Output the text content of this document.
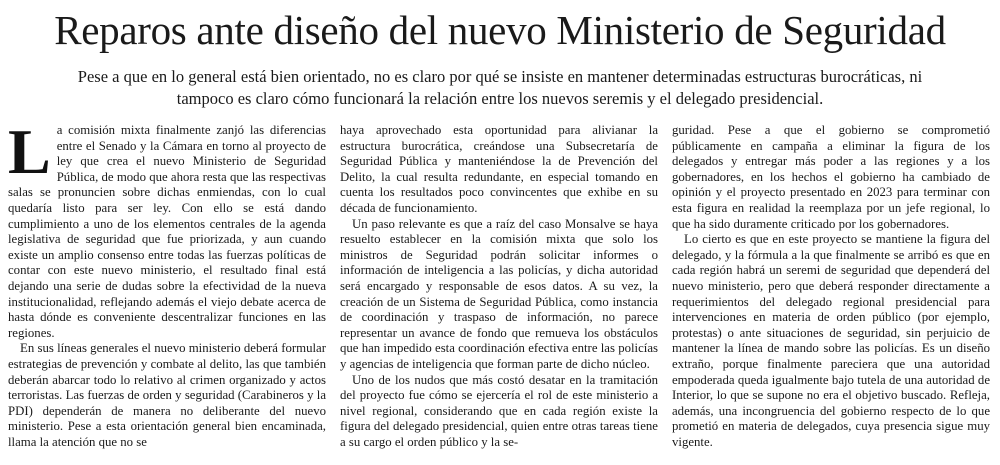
Reparos ante diseño del nuevo Ministerio de Seguridad

Pese a que en lo general está bien orientado, no es claro por qué se insiste en mantener determinadas estructuras burocráticas, ni

tampoco es claro cómo funcionará la relación entre los nuevos seremis y el delegado presidencial.

La comisión mixta finalmente zanjó las diferencias entre el Senado y la Cámara en torno al proyecto de ley que crea el nuevo Ministerio de Seguridad Pública, de modo que ahora resta que las respectivas salas se pronuncien sobre dichas enmiendas, con lo cual quedaría listo para ser ley. Con ello se está dando cumplimiento a uno de los elementos centrales de la agenda legislativa de seguridad que fue priorizada, y aun cuando existe un amplio consenso entre todas las fuerzas políticas de contar con este nuevo ministerio, el resultado final está dejando una serie de dudas sobre la efectividad de la nueva institucionalidad, reflejando además el viejo debate acerca de hasta dónde es conveniente descentralizar funciones en las regiones.

En sus líneas generales el nuevo ministerio deberá formular estrategias de prevención y combate al delito, las que también deberán abarcar todo lo relativo al crimen organizado y actos terroristas. Las fuerzas de orden y seguridad (Carabineros y la PDI) dependerán de manera no deliberante del nuevo ministerio. Pese a esta orientación general bien encaminada, llama la atención que no se

haya aprovechado esta oportunidad para alivianar la estructura burocrática, creándose una Subsecretaría de Seguridad Pública y manteniéndose la de Prevención del Delito, la cual resulta redundante, en especial tomando en cuenta los resultados poco convincentes que exhibe en su década de funcionamiento.

Un paso relevante es que a raíz del caso Monsalve se haya resuelto establecer en la comisión mixta que solo los ministros de Seguridad podrán solicitar informes o información de inteligencia a las policías, y dicha autoridad será encargado y responsable de esos datos. A su vez, la creación de un Sistema de Seguridad Pública, como instancia de coordinación y traspaso de información, no parece representar un avance de fondo que remueva los obstáculos que han impedido esta coordinación efectiva entre las policías y agencias de inteligencia que forman parte de dicho núcleo.

Uno de los nudos que más costó desatar en la tramitación del proyecto fue cómo se ejercería el rol de este ministerio a nivel regional, considerando que en cada región existe la figura del delegado presidencial, quien entre otras tareas tiene a su cargo el orden público y la se-

guridad. Pese a que el gobierno se comprometió públicamente en campaña a eliminar la figura de los delegados y entregar más poder a las regiones y a los gobernadores, en los hechos el gobierno ha cambiado de opinión y el proyecto presentado en 2023 para terminar con esta figura en realidad la reemplaza por un jefe regional, lo que ha sido duramente criticado por los gobernadores.

Lo cierto es que en este proyecto se mantiene la figura del delegado, y la fórmula a la que finalmente se arribó es que en cada región habrá un seremi de seguridad que dependerá del nuevo ministerio, pero que deberá responder directamente a requerimientos del delegado regional presidencial para intervenciones en materia de orden público (por ejemplo, protestas) o ante situaciones de seguridad, sin perjuicio de mantener la línea de mando sobre las policías. Es un diseño extraño, porque finalmente pareciera que una autoridad empoderada queda igualmente bajo tutela de una autoridad de Interior, lo que se supone no era el objetivo buscado. Refleja, además, una incongruencia del gobierno respecto de lo que prometió en materia de delegados, cuya presencia sigue muy vigente.
